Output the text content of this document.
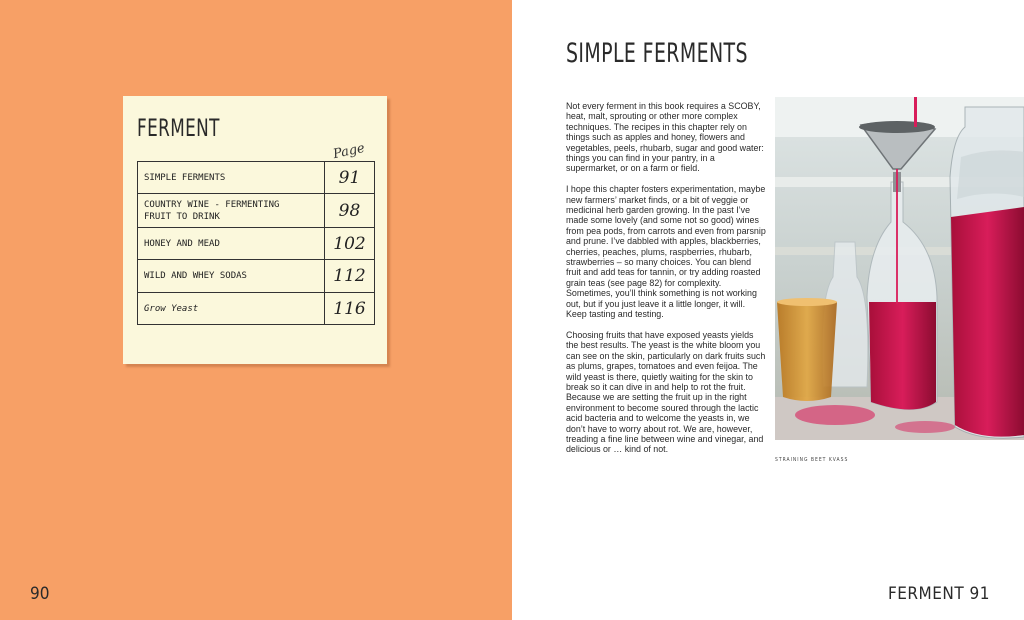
FERMENT
Page
SIMPLE FERMENTS	91
COUNTRY WINE - FERMENTING
FRUIT TO DRINK	98
HONEY AND MEAD	102
WILD AND WHEY SODAS	112
Grow Yeast	116
90
SIMPLE FERMENTS

Not every ferment in this book requires a SCOBY, heat, malt, sprouting or other more complex techniques. The recipes in this chapter rely on things such as apples and honey, flowers and vegetables, peels, rhubarb, sugar and good water: things you can find in your pantry, in a supermarket, or on a farm or field.

I hope this chapter fosters experimentation, maybe new farmers’ market finds, or a bit of veggie or medicinal herb garden growing. In the past I’ve made some lovely (and some not so good) wines from pea pods, from carrots and even from parsnip and prune. I’ve dabbled with apples, blackberries, cherries, peaches, plums, raspberries, rhubarb, strawberries – so many choices. You can blend fruit and add teas for tannin, or try adding roasted grain teas (see page 82) for complexity. Sometimes, you’ll think something is not working out, but if you just leave it a little longer, it will. Keep tasting and testing.

Choosing fruits that have exposed yeasts yields the best results. The yeast is the white bloom you can see on the skin, particularly on dark fruits such as plums, grapes, tomatoes and even feijoa. The wild yeast is there, quietly waiting for the skin to break so it can dive in and help to rot the fruit. Because we are setting the fruit up in the right environment to become soured through the lactic acid bacteria and to welcome the yeasts in, we don’t have to worry about rot. We are, however, treading a fine line between wine and vinegar, and delicious or … kind of not.

STRAINING BEET KVASS
FERMENT 91
